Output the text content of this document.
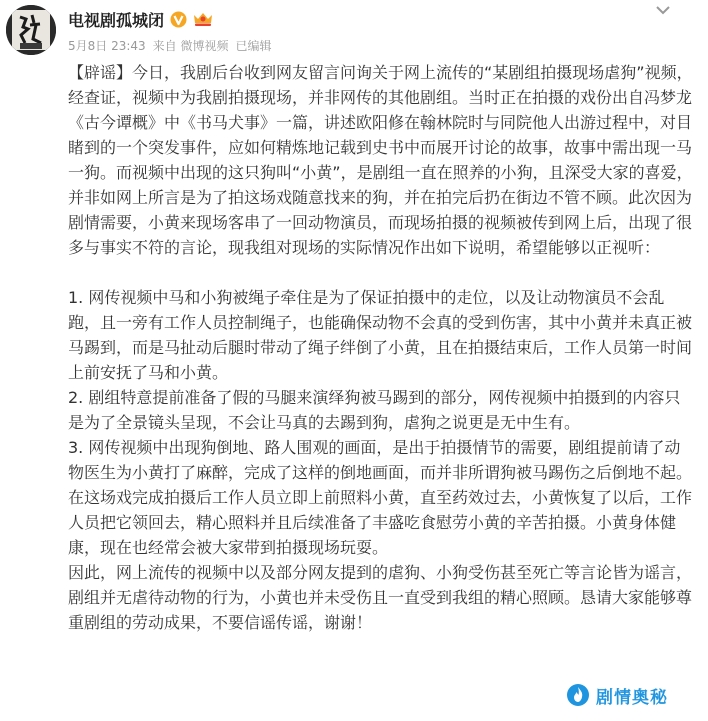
电视剧孤城闭
5月8日 23:43 来自 微博视频 已编辑

【辟谣】今日，我剧后台收到网友留言问询关于网上流传的“某剧组拍摄现场虐狗”视频，经查证，视频中为我剧拍摄现场，并非网传的其他剧组。当时正在拍摄的戏份出自冯梦龙《古今谭概》中《书马犬事》一篇，讲述欧阳修在翰林院时与同院他人出游过程中，对目睹到的一个突发事件，应如何精炼地记载到史书中而展开讨论的故事，故事中需出现一马一狗。而视频中出现的这只狗叫“小黄”，是剧组一直在照养的小狗，且深受大家的喜爱，并非如网上所言是为了拍这场戏随意找来的狗，并在拍完后扔在街边不管不顾。此次因为剧情需要，小黄来现场客串了一回动物演员，而现场拍摄的视频被传到网上后，出现了很多与事实不符的言论，现我组对现场的实际情况作出如下说明，希望能够以正视听：

1. 网传视频中马和小狗被绳子牵住是为了保证拍摄中的走位，以及让动物演员不会乱跑，且一旁有工作人员控制绳子，也能确保动物不会真的受到伤害，其中小黄并未真正被马踢到，而是马扯动后腿时带动了绳子绊倒了小黄，且在拍摄结束后，工作人员第一时间上前安抚了马和小黄。

2. 剧组特意提前准备了假的马腿来演绎狗被马踢到的部分，网传视频中拍摄到的内容只是为了全景镜头呈现，不会让马真的去踢到狗，虐狗之说更是无中生有。

3. 网传视频中出现狗倒地、路人围观的画面，是出于拍摄情节的需要，剧组提前请了动物医生为小黄打了麻醉，完成了这样的倒地画面，而并非所谓狗被马踢伤之后倒地不起。在这场戏完成拍摄后工作人员立即上前照料小黄，直至药效过去，小黄恢复了以后，工作人员把它领回去，精心照料并且后续准备了丰盛吃食慰劳小黄的辛苦拍摄。小黄身体健康，现在也经常会被大家带到拍摄现场玩耍。

因此，网上流传的视频中以及部分网友提到的虐狗、小狗受伤甚至死亡等言论皆为谣言，剧组并无虐待动物的行为，小黄也并未受伤且一直受到我组的精心照顾。恳请大家能够尊重剧组的劳动成果，不要信谣传谣，谢谢！

剧情奥秘
